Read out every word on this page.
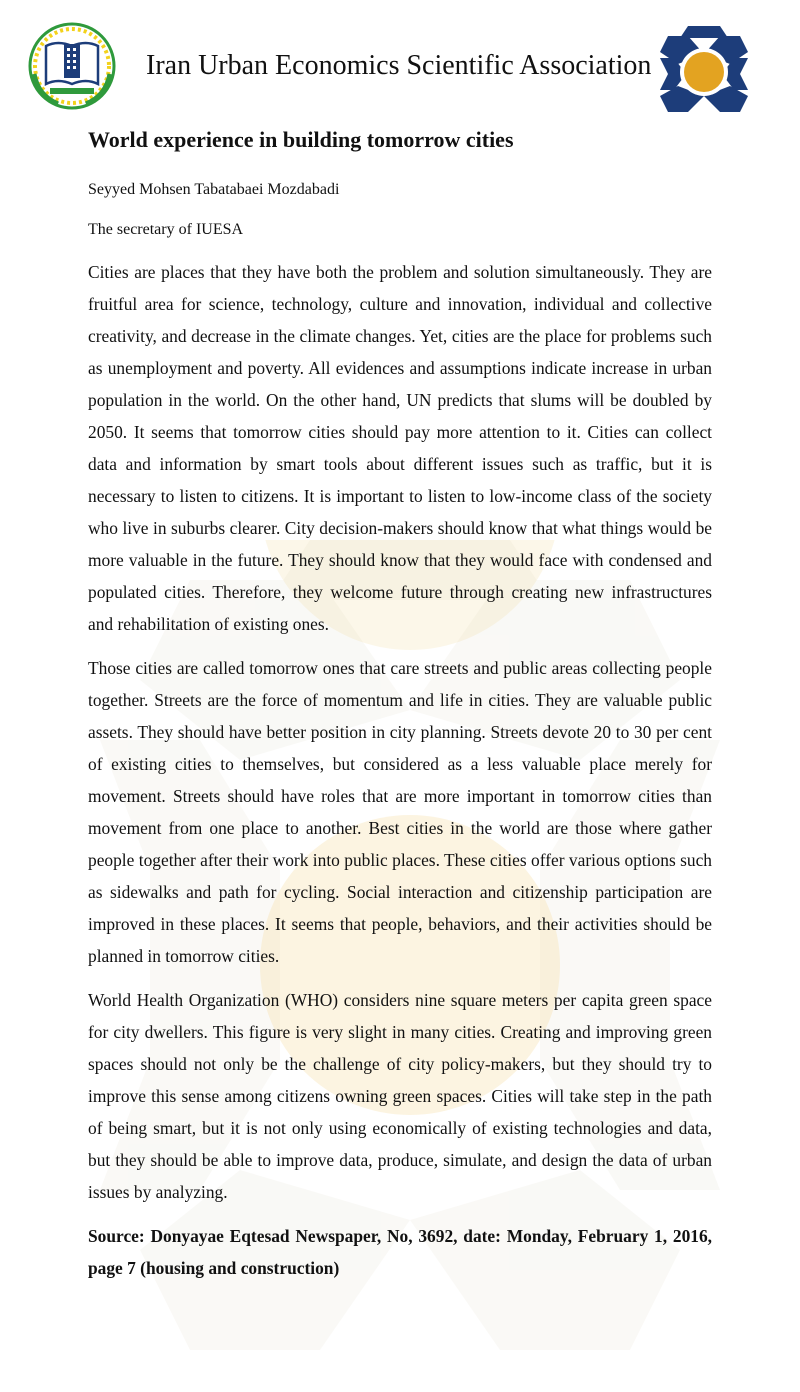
Iran Urban Economics Scientific Association
World experience in building tomorrow cities
Seyyed Mohsen Tabatabaei Mozdabadi
The secretary of IUESA

Cities are places that they have both the problem and solution simultaneously. They are fruitful area for science, technology, culture and innovation, individual and collective creativity, and decrease in the climate changes. Yet, cities are the place for problems such as unemployment and poverty. All evidences and assumptions indicate increase in urban population in the world. On the other hand, UN predicts that slums will be doubled by 2050. It seems that tomorrow cities should pay more attention to it. Cities can collect data and information by smart tools about different issues such as traffic, but it is necessary to listen to citizens. It is important to listen to low-income class of the society who live in suburbs clearer. City decision-makers should know that what things would be more valuable in the future. They should know that they would face with condensed and populated cities. Therefore, they welcome future through creating new infrastructures and rehabilitation of existing ones.

Those cities are called tomorrow ones that care streets and public areas collecting people together. Streets are the force of momentum and life in cities. They are valuable public assets. They should have better position in city planning. Streets devote 20 to 30 per cent of existing cities to themselves, but considered as a less valuable place merely for movement. Streets should have roles that are more important in tomorrow cities than movement from one place to another. Best cities in the world are those where gather people together after their work into public places. These cities offer various options such as sidewalks and path for cycling. Social interaction and citizenship participation are improved in these places. It seems that people, behaviors, and their activities should be planned in tomorrow cities.

World Health Organization (WHO) considers nine square meters per capita green space for city dwellers. This figure is very slight in many cities. Creating and improving green spaces should not only be the challenge of city policy-makers, but they should try to improve this sense among citizens owning green spaces. Cities will take step in the path of being smart, but it is not only using economically of existing technologies and data, but they should be able to improve data, produce, simulate, and design the data of urban issues by analyzing.

Source: Donyayae Eqtesad Newspaper, No, 3692, date: Monday, February 1, 2016, page 7 (housing and construction)
